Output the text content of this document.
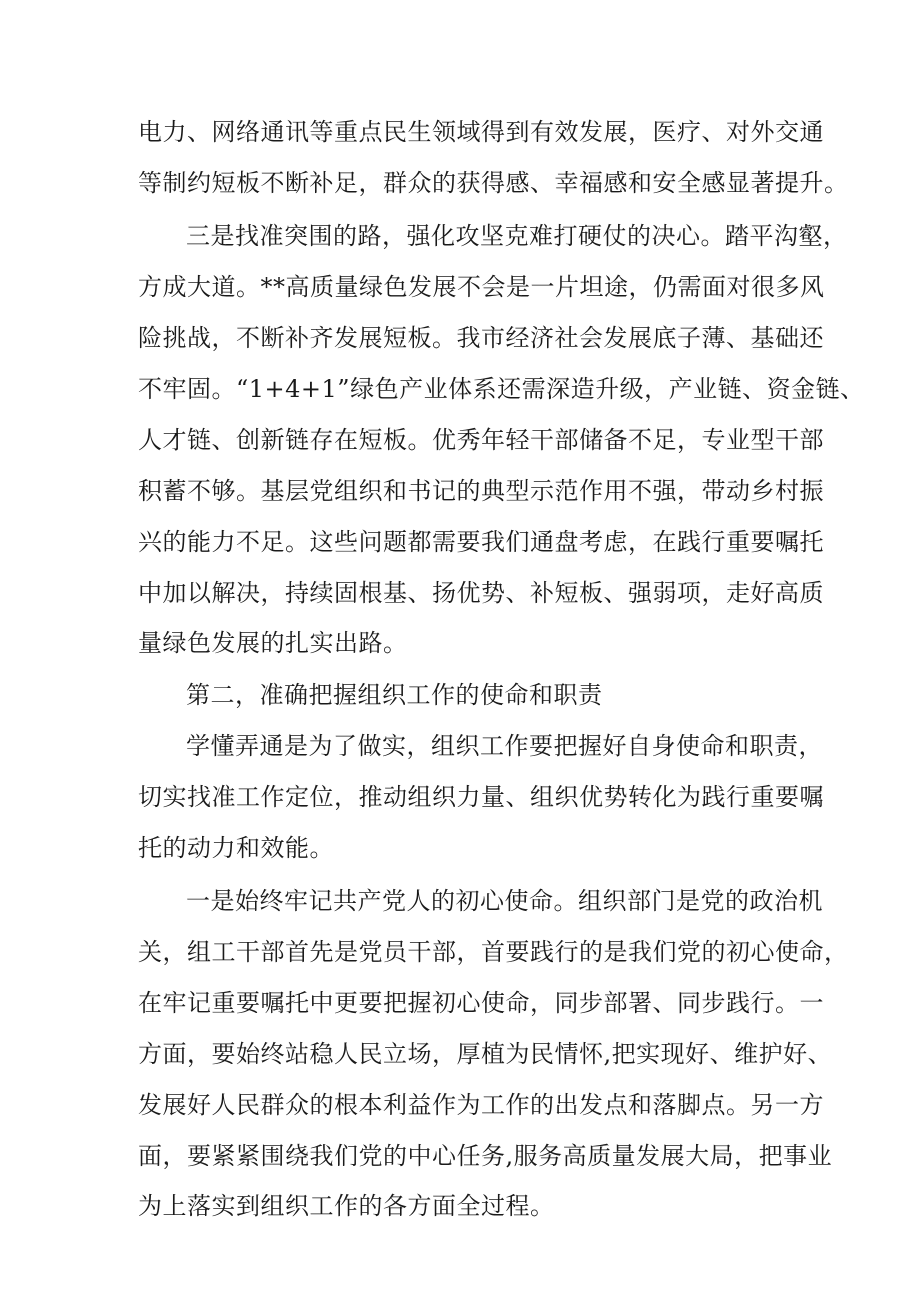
电力、网络通讯等重点民生领域得到有效发展，医疗、对外交通
等制约短板不断补足，群众的获得感、幸福感和安全感显著提升。
三是找准突围的路，强化攻坚克难打硬仗的决心。踏平沟壑，
方成大道。**高质量绿色发展不会是一片坦途，仍需面对很多风
险挑战，不断补齐发展短板。我市经济社会发展底子薄、基础还
不牢固。“1+4+1”绿色产业体系还需深造升级，产业链、资金链、
人才链、创新链存在短板。优秀年轻干部储备不足，专业型干部
积蓄不够。基层党组织和书记的典型示范作用不强，带动乡村振
兴的能力不足。这些问题都需要我们通盘考虑，在践行重要嘱托
中加以解决，持续固根基、扬优势、补短板、强弱项，走好高质
量绿色发展的扎实出路。
第二，准确把握组织工作的使命和职责
学懂弄通是为了做实，组织工作要把握好自身使命和职责，
切实找准工作定位，推动组织力量、组织优势转化为践行重要嘱
托的动力和效能。
一是始终牢记共产党人的初心使命。组织部门是党的政治机
关，组工干部首先是党员干部，首要践行的是我们党的初心使命，
在牢记重要嘱托中更要把握初心使命，同步部署、同步践行。一
方面，要始终站稳人民立场，厚植为民情怀,把实现好、维护好、
发展好人民群众的根本利益作为工作的出发点和落脚点。另一方
面，要紧紧围绕我们党的中心任务,服务高质量发展大局，把事业
为上落实到组织工作的各方面全过程。
